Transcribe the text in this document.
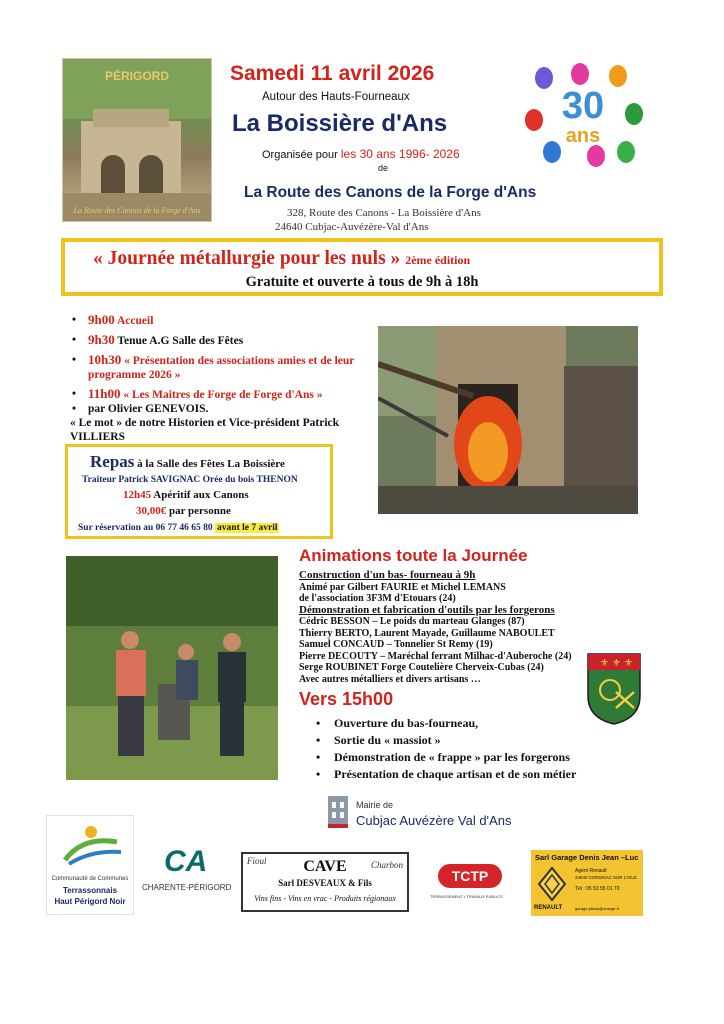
PÉRIGORD
La Route des Canons de la Forge d'Ans
Samedi 11 avril 2026
Autour des Hauts-Fourneaux
La Boissière d'Ans
Organisée pour les 30 ans 1996- 2026
de
La Route des Canons de la Forge d'Ans
328, Route des Canons - La Boissière d'Ans
24640 Cubjac-Auvézère-Val d'Ans
30
ans
« Journée métallurgie pour les nuls » 2ème édition
Gratuite et ouverte à tous de 9h à 18h
• 9h00 Accueil
• 9h30 Tenue A.G Salle des Fêtes
• 10h30 « Présentation des associations amies et de leur programme 2026 »
• 11h00 « Les Maitres de Forge de Forge d'Ans »
• par Olivier GENEVOIS.
« Le mot » de notre Historien et Vice-président Patrick VILLIERS
Repas à la Salle des Fêtes La Boissière
Traiteur Patrick SAVIGNAC Orée du bois THENON
12h45 Apéritif aux Canons
30,00€ par personne
Sur réservation au 06 77 46 65 80 avant le 7 avril
Animations toute la Journée
Construction d'un bas- fourneau à 9h
Animé par Gilbert FAURIE et Michel LEMANS
de l'association 3F3M d'Etouars (24)
Démonstration et fabrication d'outils par les forgerons
Cédric BESSON – Le poids du marteau Glanges (87)
Thierry BERTO, Laurent Mayade, Guillaume NABOULET
Samuel CONCAUD – Tonnelier St Remy (19)
Pierre DECOUTY – Maréchal ferrant Milhac-d'Auberoche (24)
Serge ROUBINET Forge Coutelière Cherveix-Cubas (24)
Avec autres métalliers et divers artisans …
⚜ ⚜ ⚜
Vers 15h00
• Ouverture du bas-fourneau,
• Sortie du « massiot »
• Démonstration de « frappe » par les forgerons
• Présentation de chaque artisan et de son métier
Mairie de
Cubjac Auvézère Val d'Ans
Communauté de Communes
Terrassonnais
Haut Périgord Noir
CA
CHARENTE-PÉRIGORD
Fioul	Charbon
CAVE
Sarl DESVEAUX & Fils
Vins fins - Vins en vrac - Produits régionaux
TCTP
TERRASSEMENT • TRAVAUX PUBLICS
Sarl Garage Denis Jean –Luc
Agent Renault
24640 CORGNAC SUR L'ISLE
Tél : 05 53 55 01 70
RENAULT	garage.jdenis@orange.fr
